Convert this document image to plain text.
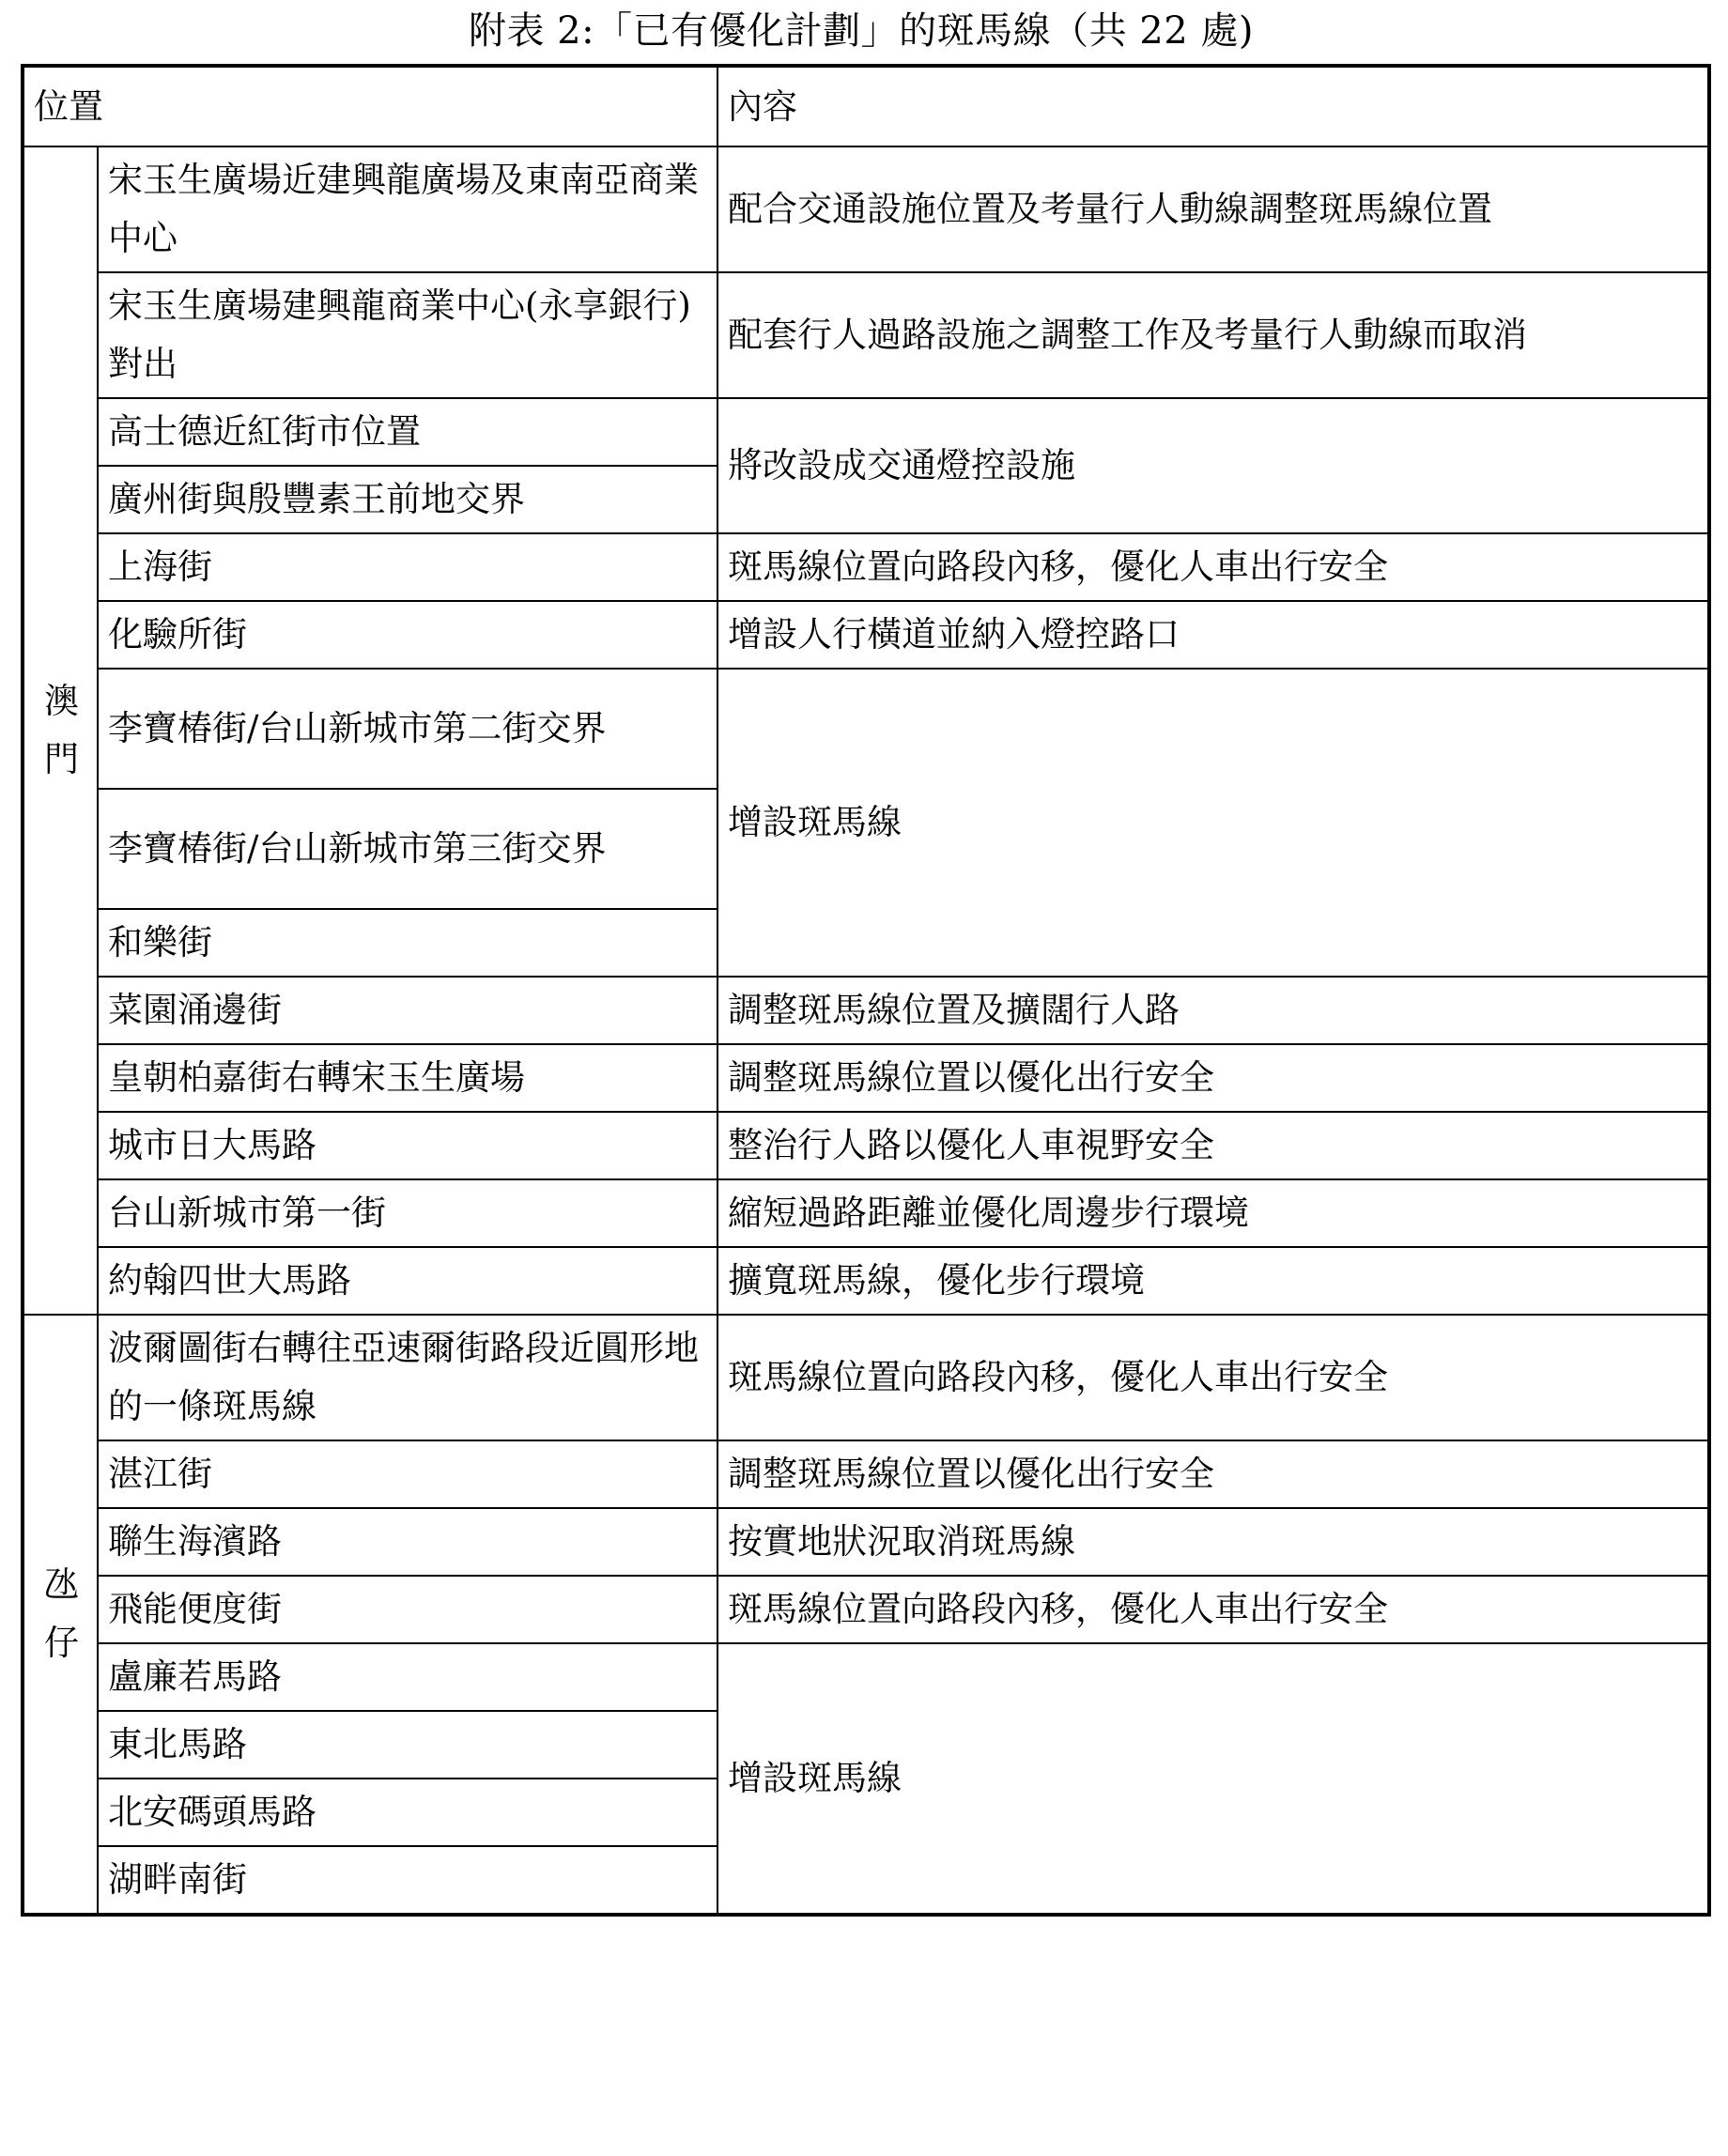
附表 2:「已有優化計劃」的斑馬線（共 22 處)
位置		內容

澳
門	宋玉生廣場近建興龍廣場及東南亞商業中心	配合交通設施位置及考量行人動線調整斑馬線位置
	宋玉生廣場建興龍商業中心(永享銀行)對出	配套行人過路設施之調整工作及考量行人動線而取消
	高士德近紅街市位置	將改設成交通燈控設施
	廣州街與殷豐素王前地交界	
	上海街	斑馬線位置向路段內移，優化人車出行安全
	化驗所街	增設人行橫道並納入燈控路口
	李寶椿街/台山新城市第二街交界	增設斑馬線
	李寶椿街/台山新城市第三街交界	
	和樂街	
	菜園涌邊街	調整斑馬線位置及擴闊行人路
	皇朝柏嘉街右轉宋玉生廣場	調整斑馬線位置以優化出行安全
	城市日大馬路	整治行人路以優化人車視野安全
	台山新城市第一街	縮短過路距離並優化周邊步行環境
	約翰四世大馬路	擴寬斑馬線，優化步行環境

氹
仔	波爾圖街右轉往亞速爾街路段近圓形地的一條斑馬線	斑馬線位置向路段內移，優化人車出行安全
	湛江街	調整斑馬線位置以優化出行安全
	聯生海濱路	按實地狀況取消斑馬線
	飛能便度街	斑馬線位置向路段內移，優化人車出行安全
	盧廉若馬路	增設斑馬線
	東北馬路	
	北安碼頭馬路	
	湖畔南街	
